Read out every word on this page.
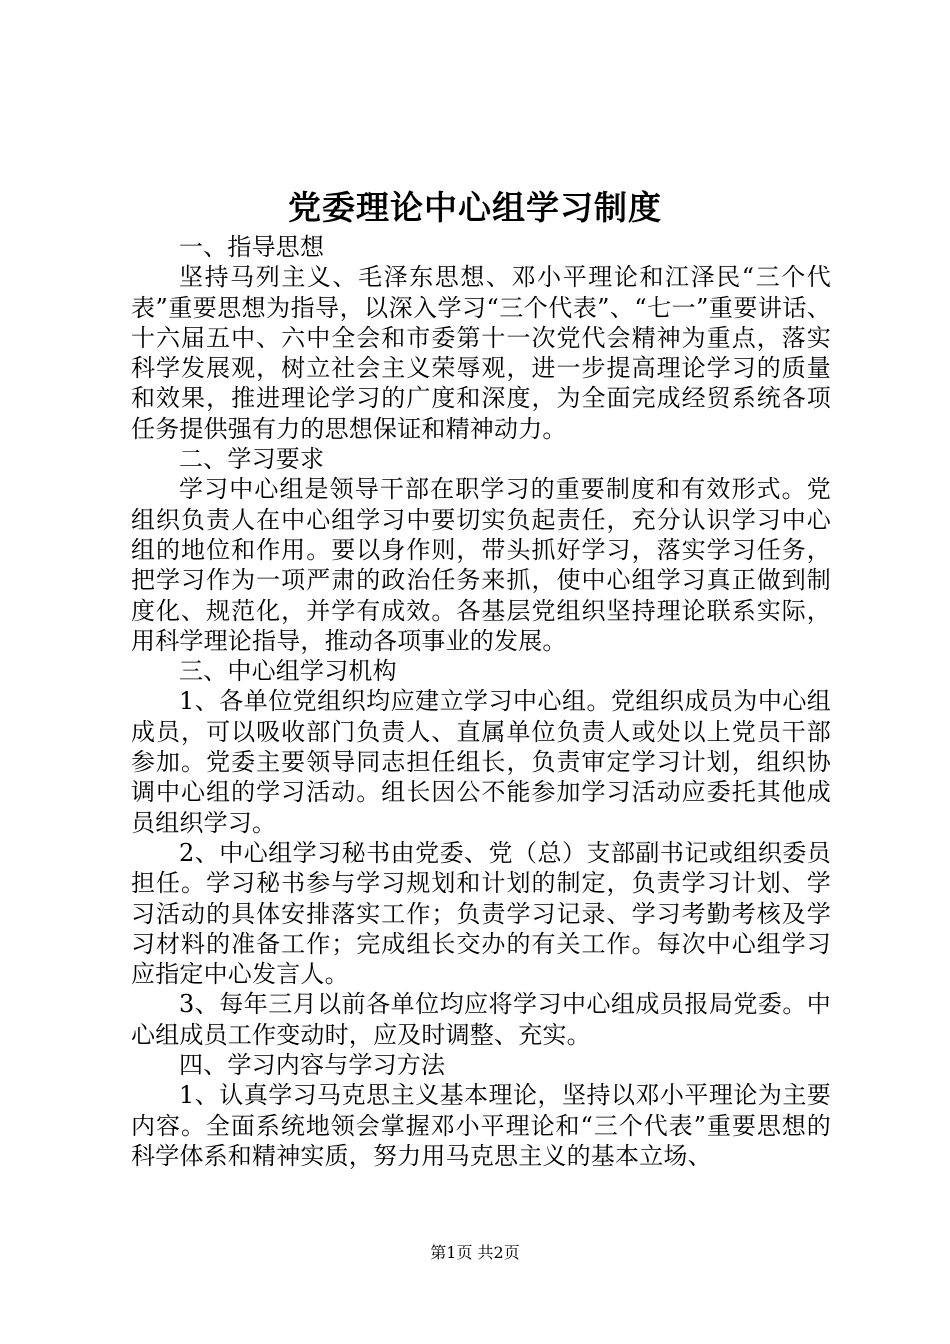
党委理论中心组学习制度

一、指导思想

坚持马列主义、毛泽东思想、邓小平理论和江泽民“三个代表”重要思想为指导，以深入学习“三个代表”、“七一”重要讲话、十六届五中、六中全会和市委第十一次党代会精神为重点，落实科学发展观，树立社会主义荣辱观，进一步提高理论学习的质量和效果，推进理论学习的广度和深度，为全面完成经贸系统各项任务提供强有力的思想保证和精神动力。

二、学习要求

学习中心组是领导干部在职学习的重要制度和有效形式。党组织负责人在中心组学习中要切实负起责任，充分认识学习中心组的地位和作用。要以身作则，带头抓好学习，落实学习任务，把学习作为一项严肃的政治任务来抓，使中心组学习真正做到制度化、规范化，并学有成效。各基层党组织坚持理论联系实际，用科学理论指导，推动各项事业的发展。

三、中心组学习机构

1、各单位党组织均应建立学习中心组。党组织成员为中心组成员，可以吸收部门负责人、直属单位负责人或处以上党员干部参加。党委主要领导同志担任组长，负责审定学习计划，组织协调中心组的学习活动。组长因公不能参加学习活动应委托其他成员组织学习。

2、中心组学习秘书由党委、党（总）支部副书记或组织委员担任。学习秘书参与学习规划和计划的制定，负责学习计划、学习活动的具体安排落实工作；负责学习记录、学习考勤考核及学习材料的准备工作；完成组长交办的有关工作。每次中心组学习应指定中心发言人。

3、每年三月以前各单位均应将学习中心组成员报局党委。中心组成员工作变动时，应及时调整、充实。

四、学习内容与学习方法

1、认真学习马克思主义基本理论，坚持以邓小平理论为主要内容。全面系统地领会掌握邓小平理论和“三个代表”重要思想的科学体系和精神实质，努力用马克思主义的基本立场、

第1页 共2页
